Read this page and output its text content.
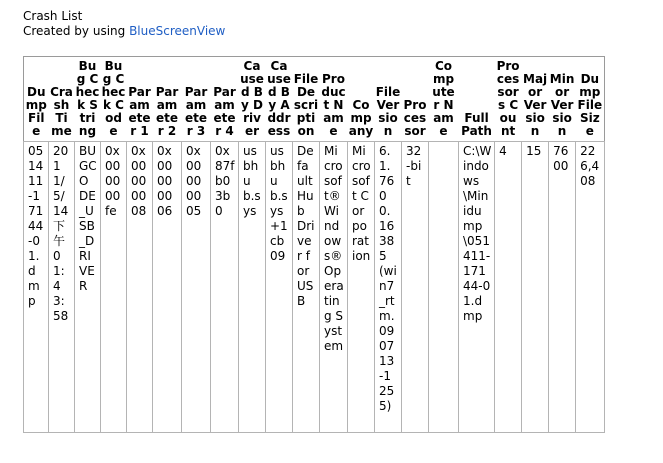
Crash List
Created by using BlueScreenView
Dump File	Crash Time	Bug Check String	Bug Check Code	Parameter 1	Parameter 2	Parameter 3	Parameter 4	Caused By Driver	Caused By Address	File Description	Product Name	Company	File Version	Processor	Computer Name	Full Path	Processors Count	Major Version	Minor Version	Dump File Size
051411-17144-01.dmp	2011/5/14 下午 01:43:58	BUGCODE_USB_DRIVER	0x000000fe	0x00000008	0x00000006	0x00000005	0x87fb03b0	usbhub.sys	usbhub.sys+1cb09	Default Hub Driver for USB	Microsoft® Windows® Operating System	Microsoft Corporation	6.1.7600.16385 (win7_rtm.090713-1255)	32-bit		C:\Windows\Minidump\051411-17144-01.dmp	4	15	7600	226,408
